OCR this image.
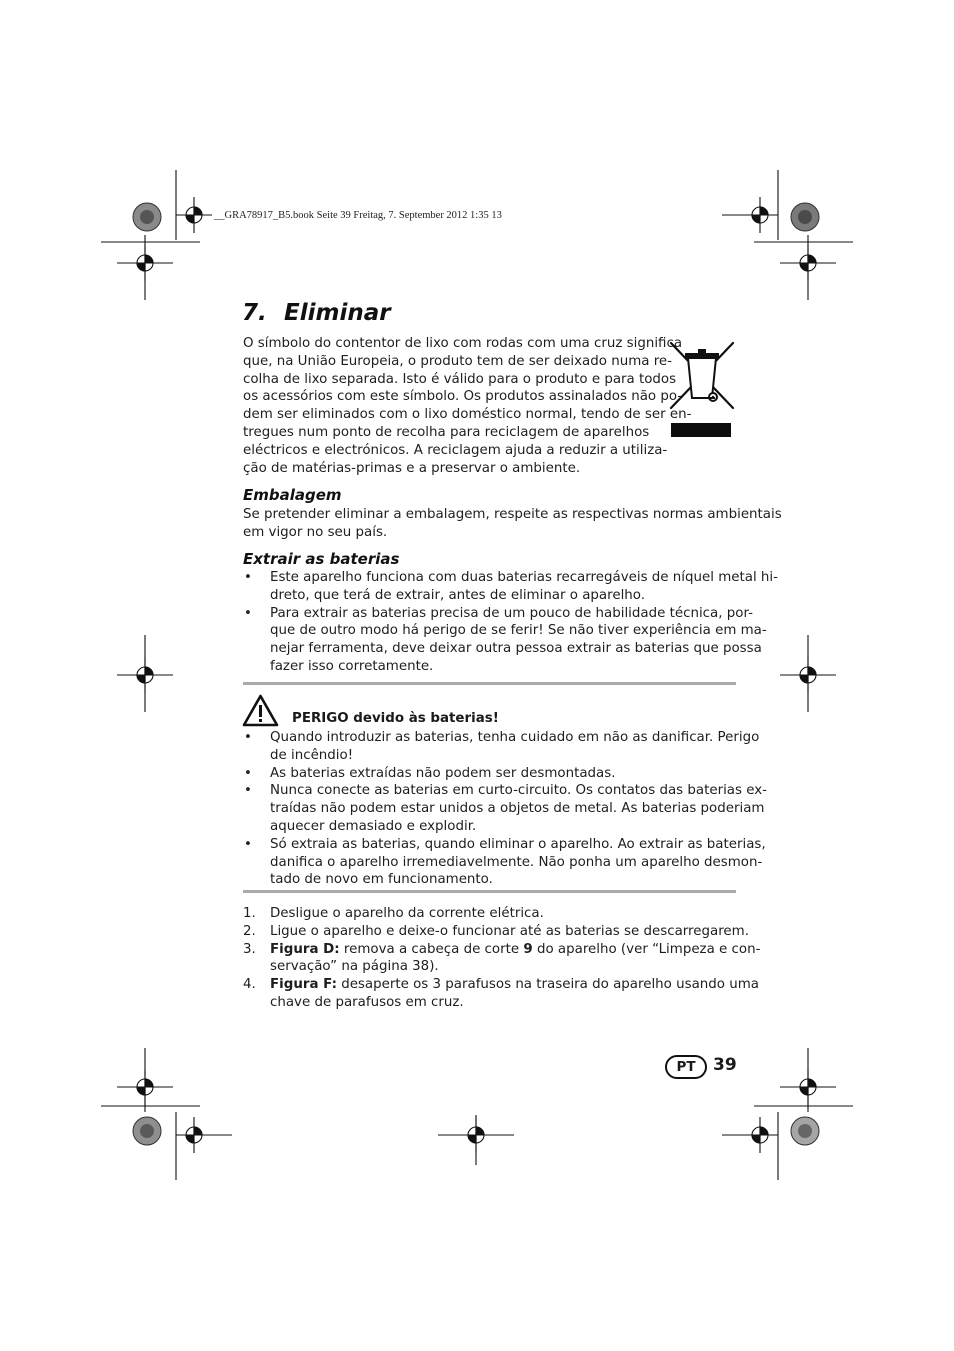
__GRA78917_B5.book Seite 39 Freitag, 7. September 2012 1:35 13
7. Eliminar
O símbolo do contentor de lixo com rodas com uma cruz significa
que, na União Europeia, o produto tem de ser deixado numa re-
colha de lixo separada. Isto é válido para o produto e para todos
os acessórios com este símbolo. Os produtos assinalados não po-
dem ser eliminados com o lixo doméstico normal, tendo de ser en-
tregues num ponto de recolha para reciclagem de aparelhos
eléctricos e electrónicos. A reciclagem ajuda a reduzir a utiliza-
ção de matérias-primas e a preservar o ambiente.
Embalagem
Se pretender eliminar a embalagem, respeite as respectivas normas ambientais
em vigor no seu país.
Extrair as baterias
• Este aparelho funciona com duas baterias recarregáveis de níquel metal hi-
dreto, que terá de extrair, antes de eliminar o aparelho.
• Para extrair as baterias precisa de um pouco de habilidade técnica, por-
que de outro modo há perigo de se ferir! Se não tiver experiência em ma-
nejar ferramenta, deve deixar outra pessoa extrair as baterias que possa
fazer isso corretamente.
PERIGO devido às baterias!
• Quando introduzir as baterias, tenha cuidado em não as danificar. Perigo
de incêndio!
• As baterias extraídas não podem ser desmontadas.
• Nunca conecte as baterias em curto-circuito. Os contatos das baterias ex-
traídas não podem estar unidos a objetos de metal. As baterias poderiam
aquecer demasiado e explodir.
• Só extraia as baterias, quando eliminar o aparelho. Ao extrair as baterias,
danifica o aparelho irremediavelmente. Não ponha um aparelho desmon-
tado de novo em funcionamento.
1. Desligue o aparelho da corrente elétrica.
2. Ligue o aparelho e deixe-o funcionar até as baterias se descarregarem.
3. Figura D: remova a cabeça de corte 9 do aparelho (ver “Limpeza e con-
servação” na página 38).
4. Figura F: desaperte os 3 parafusos na traseira do aparelho usando uma
chave de parafusos em cruz.
PT	39
